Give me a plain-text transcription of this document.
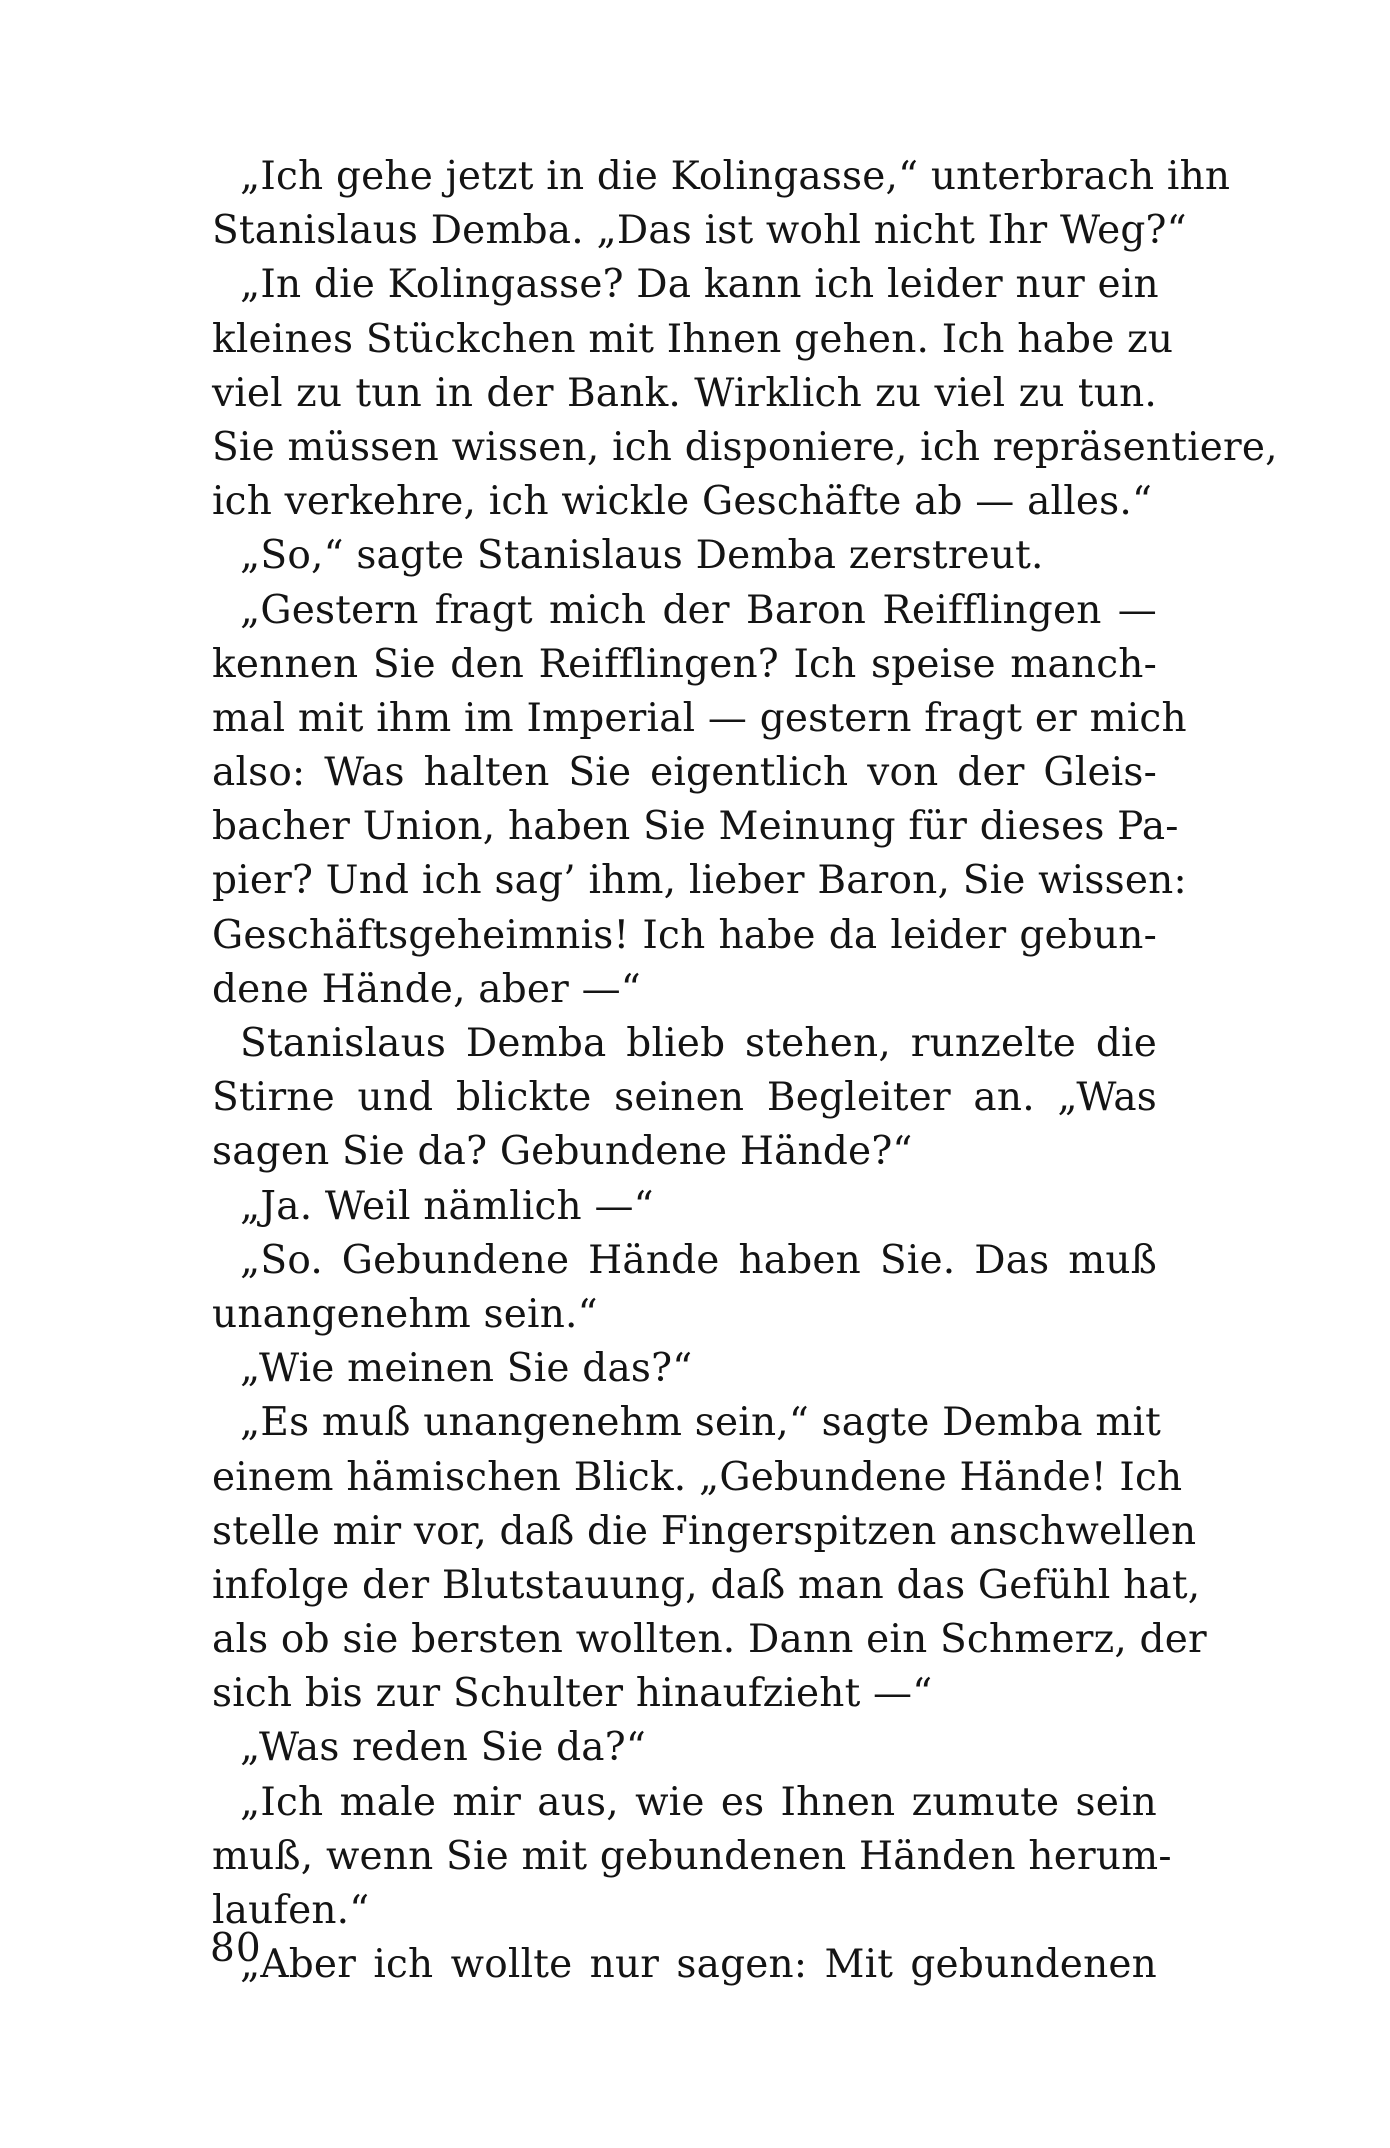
„Ich gehe jetzt in die Kolingasse,“ unterbrach ihn
Stanislaus Demba. „Das ist wohl nicht Ihr Weg?“
„In die Kolingasse? Da kann ich leider nur ein
kleines Stückchen mit Ihnen gehen. Ich habe zu
viel zu tun in der Bank. Wirklich zu viel zu tun.
Sie müssen wissen, ich disponiere, ich repräsentiere,
ich verkehre, ich wickle Geschäfte ab — alles.“
„So,“ sagte Stanislaus Demba zerstreut.
„Gestern fragt mich der Baron Reifflingen —
kennen Sie den Reifflingen? Ich speise manch-
mal mit ihm im Imperial — gestern fragt er mich
also: Was halten Sie eigentlich von der Gleis-
bacher Union, haben Sie Meinung für dieses Pa-
pier? Und ich sag’ ihm, lieber Baron, Sie wissen:
Geschäftsgeheimnis! Ich habe da leider gebun-
dene Hände, aber —“
Stanislaus Demba blieb stehen, runzelte die
Stirne und blickte seinen Begleiter an. „Was
sagen Sie da? Gebundene Hände?“
„Ja. Weil nämlich —“
„So. Gebundene Hände haben Sie. Das muß
unangenehm sein.“
„Wie meinen Sie das?“
„Es muß unangenehm sein,“ sagte Demba mit
einem hämischen Blick. „Gebundene Hände! Ich
stelle mir vor, daß die Fingerspitzen anschwellen
infolge der Blutstauung, daß man das Gefühl hat,
als ob sie bersten wollten. Dann ein Schmerz, der
sich bis zur Schulter hinaufzieht —“
„Was reden Sie da?“
„Ich male mir aus, wie es Ihnen zumute sein
muß, wenn Sie mit gebundenen Händen herum-
laufen.“
„Aber ich wollte nur sagen: Mit gebundenen
80
